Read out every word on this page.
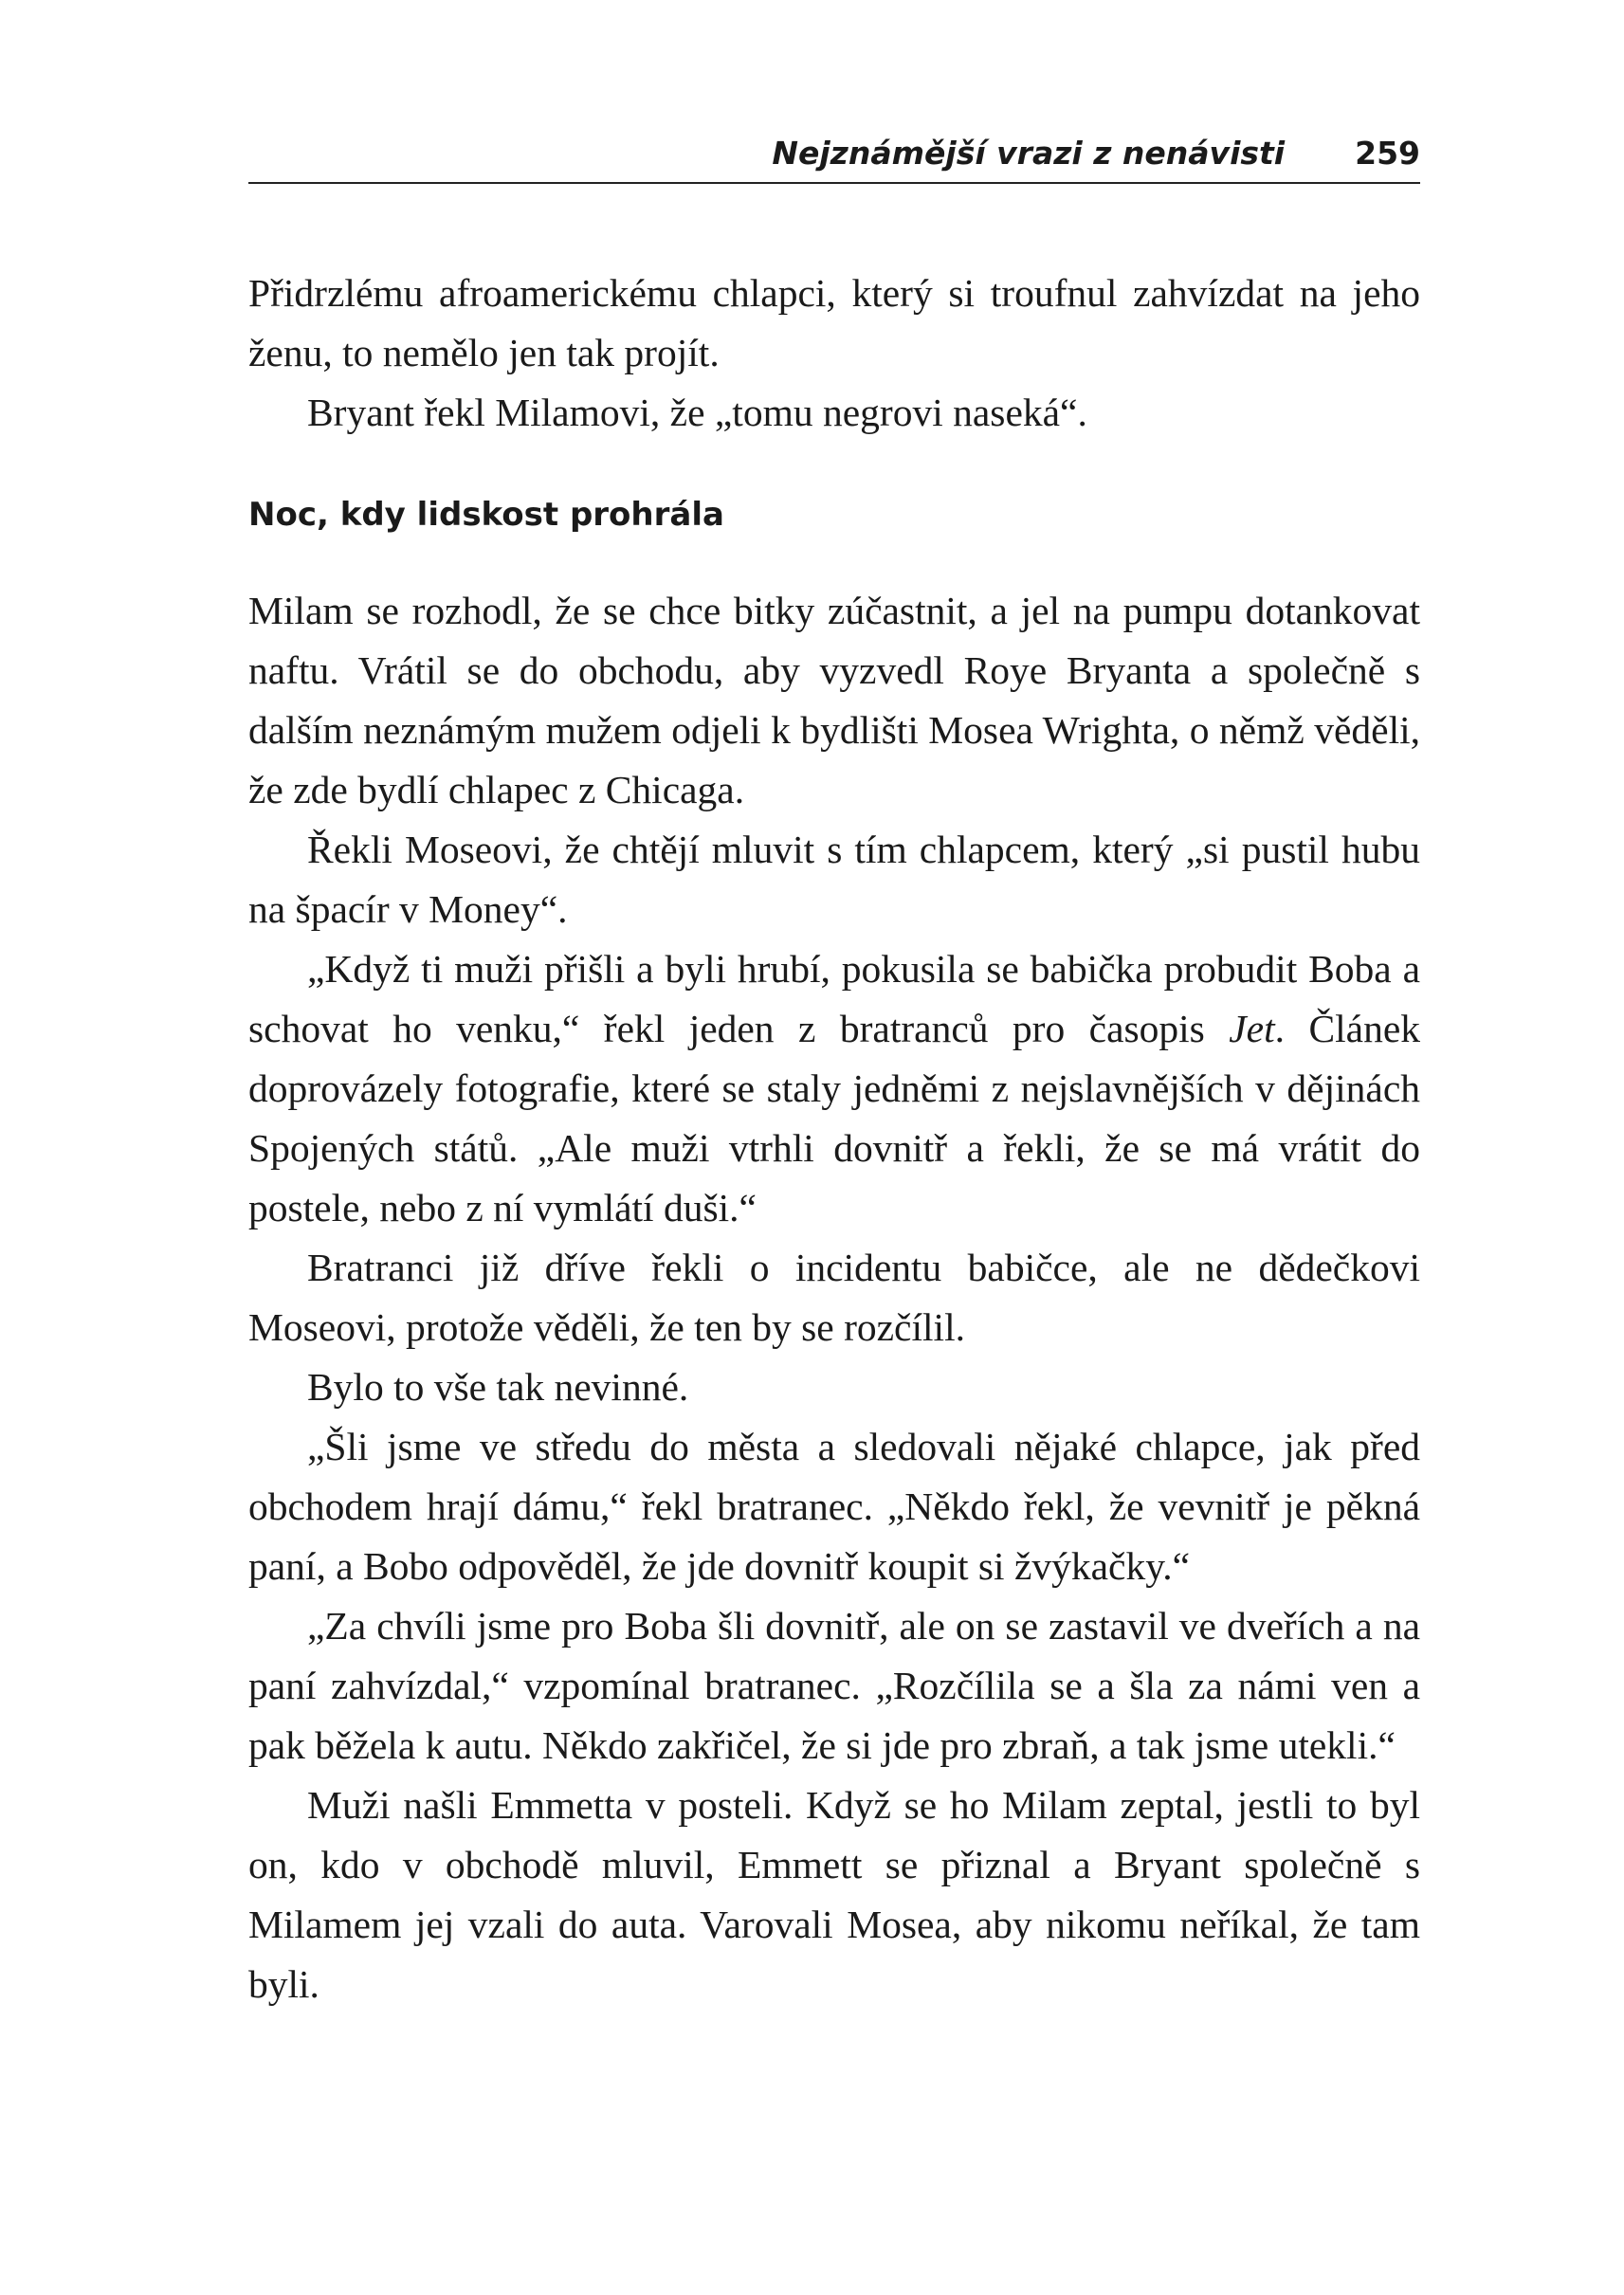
Nejznámější vrazi z nenávisti 259

Přidrzlému afroamerickému chlapci, který si troufnul zahvízdat na jeho ženu, to nemělo jen tak projít.

Bryant řekl Milamovi, že „tomu negrovi naseká“.

Noc, kdy lidskost prohrála

Milam se rozhodl, že se chce bitky zúčastnit, a jel na pumpu dotankovat naftu. Vrátil se do obchodu, aby vyzvedl Roye Bryanta a společně s dalším neznámým mužem odjeli k bydlišti Mosea Wrighta, o němž věděli, že zde bydlí chlapec z Chicaga.

Řekli Moseovi, že chtějí mluvit s tím chlapcem, který „si pustil hubu na špacír v Money“.

„Když ti muži přišli a byli hrubí, pokusila se babička probudit Boba a schovat ho venku,“ řekl jeden z bratranců pro časopis Jet. Článek doprovázely fotografie, které se staly jedněmi z nejslavnějších v dějinách Spojených států. „Ale muži vtrhli dovnitř a řekli, že se má vrátit do postele, nebo z ní vymlátí duši.“

Bratranci již dříve řekli o incidentu babičce, ale ne dědečkovi Moseovi, protože věděli, že ten by se rozčílil.

Bylo to vše tak nevinné.

„Šli jsme ve středu do města a sledovali nějaké chlapce, jak před obchodem hrají dámu,“ řekl bratranec. „Někdo řekl, že vevnitř je pěkná paní, a Bobo odpověděl, že jde dovnitř koupit si žvýkačky.“

„Za chvíli jsme pro Boba šli dovnitř, ale on se zastavil ve dveřích a na paní zahvízdal,“ vzpomínal bratranec. „Rozčílila se a šla za námi ven a pak běžela k autu. Někdo zakřičel, že si jde pro zbraň, a tak jsme utekli.“

Muži našli Emmetta v posteli. Když se ho Milam zeptal, jestli to byl on, kdo v obchodě mluvil, Emmett se přiznal a Bryant společně s Milamem jej vzali do auta. Varovali Mosea, aby nikomu neříkal, že tam byli.
